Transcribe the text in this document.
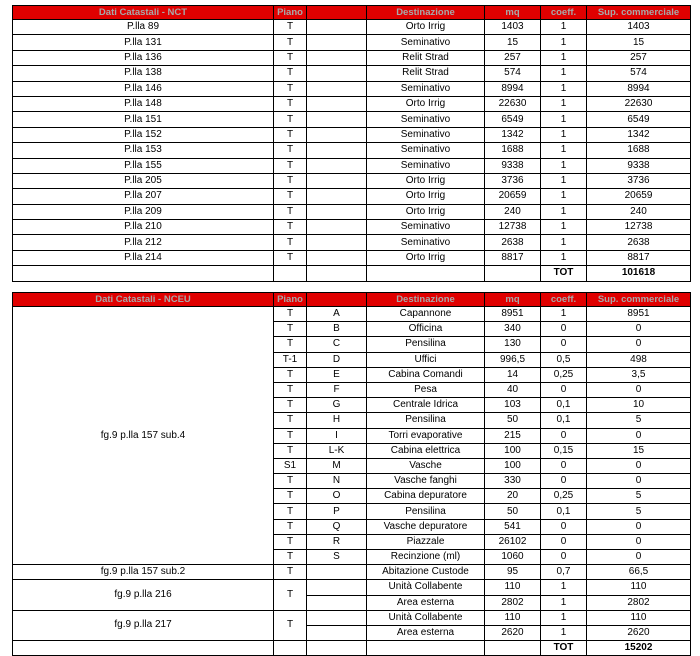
Dati Catastali - NCT	Piano		Destinazione	mq	coeff.	Sup. commerciale
P.lla 89	T		Orto Irrig	1403	1	1403
P.lla 131	T		Seminativo	15	1	15
P.lla 136	T		Relit Strad	257	1	257
P.lla 138	T		Relit Strad	574	1	574
P.lla 146	T		Seminativo	8994	1	8994
P.lla 148	T		Orto Irrig	22630	1	22630
P.lla 151	T		Seminativo	6549	1	6549
P.lla 152	T		Seminativo	1342	1	1342
P.lla 153	T		Seminativo	1688	1	1688
P.lla 155	T		Seminativo	9338	1	9338
P.lla 205	T		Orto Irrig	3736	1	3736
P.lla 207	T		Orto Irrig	20659	1	20659
P.lla 209	T		Orto Irrig	240	1	240
P.lla 210	T		Seminativo	12738	1	12738
P.lla 212	T		Seminativo	2638	1	2638
P.lla 214	T		Orto Irrig	8817	1	8817
					TOT	101618
Dati Catastali - NCEU	Piano		Destinazione	mq	coeff.	Sup. commerciale
fg.9 p.lla 157 sub.4	T	A	Capannone	8951	1	8951
	T	B	Officina	340	0	0
	T	C	Pensilina	130	0	0
	T-1	D	Uffici	996,5	0,5	498
	T	E	Cabina Comandi	14	0,25	3,5
	T	F	Pesa	40	0	0
	T	G	Centrale Idrica	103	0,1	10
	T	H	Pensilina	50	0,1	5
	T	I	Torri evaporative	215	0	0
	T	L-K	Cabina elettrica	100	0,15	15
	S1	M	Vasche	100	0	0
	T	N	Vasche fanghi	330	0	0
	T	O	Cabina depuratore	20	0,25	5
	T	P	Pensilina	50	0,1	5
	T	Q	Vasche depuratore	541	0	0
	T	R	Piazzale	26102	0	0
	T	S	Recinzione (ml)	1060	0	0
fg.9 p.lla 157 sub.2	T		Abitazione Custode	95	0,7	66,5
fg.9 p.lla 216	T		Unità Collabente	110	1	110
			Area esterna	2802	1	2802
fg.9 p.lla 217	T		Unità Collabente	110	1	110
			Area esterna	2620	1	2620
					TOT	15202
